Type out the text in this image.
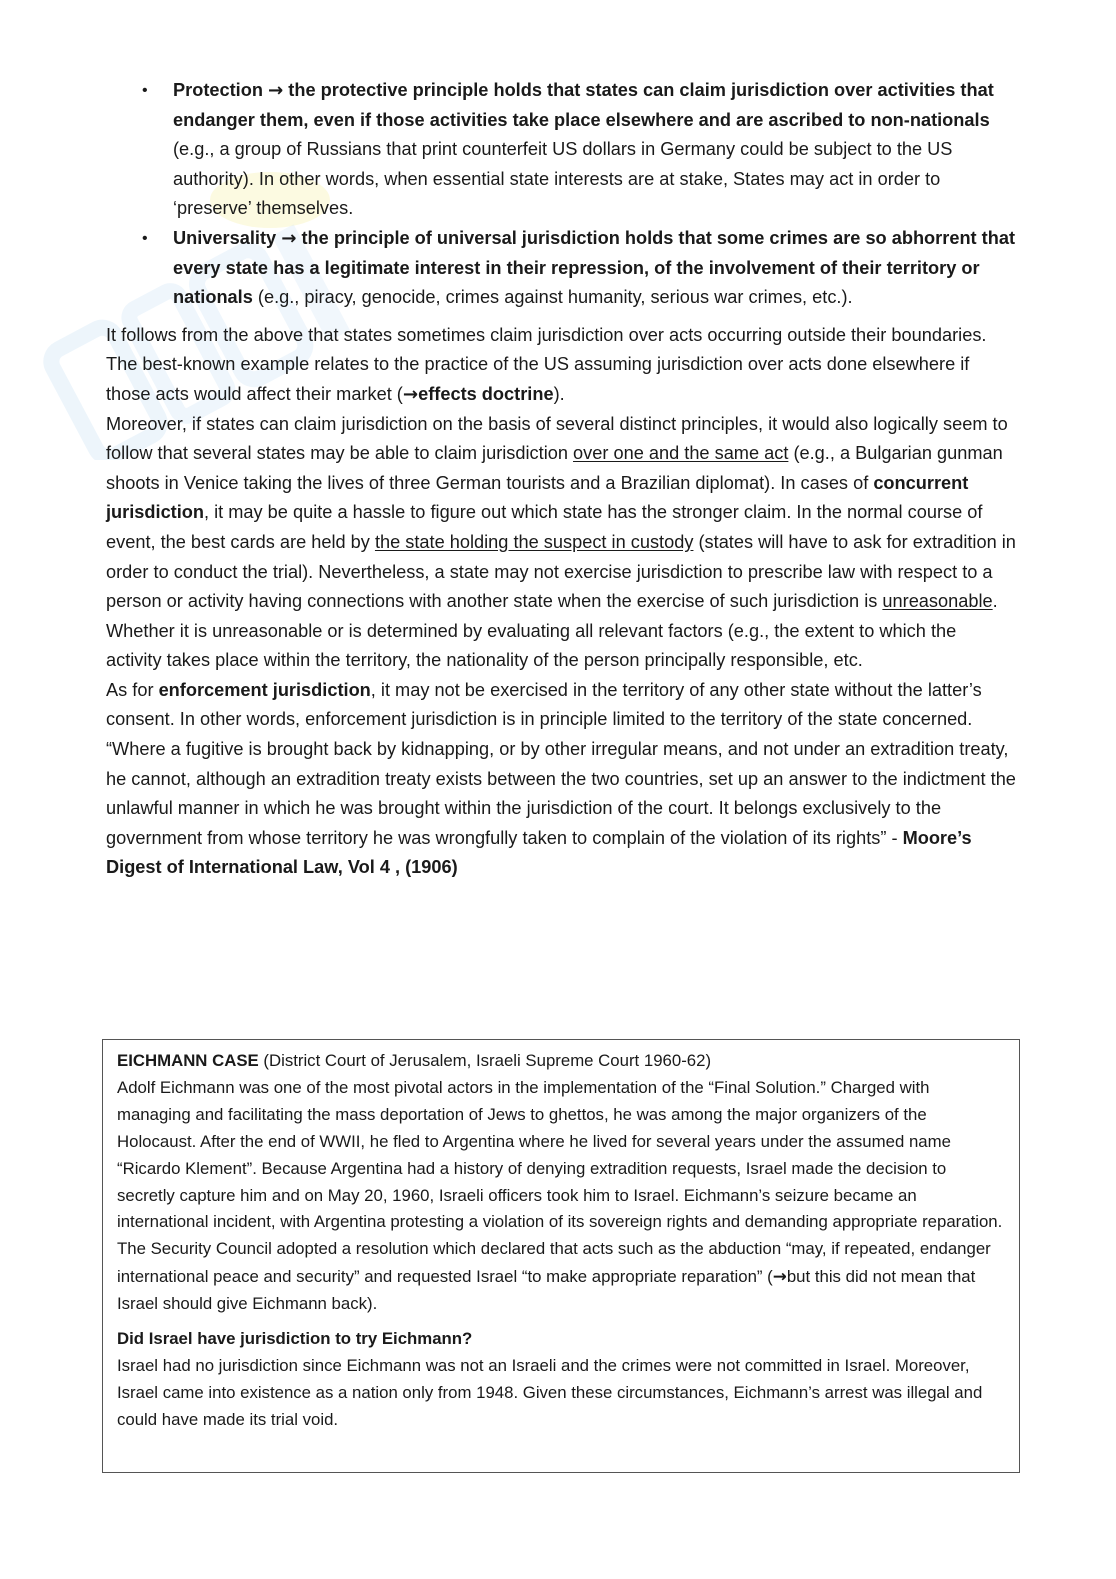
• Protection → the protective principle holds that states can claim jurisdiction over activities that endanger them, even if those activities take place elsewhere and are ascribed to non-nationals (e.g., a group of Russians that print counterfeit US dollars in Germany could be subject to the US authority). In other words, when essential state interests are at stake, States may act in order to ‘preserve’ themselves.
• Universality → the principle of universal jurisdiction holds that some crimes are so abhorrent that every state has a legitimate interest in their repression, of the involvement of their territory or nationals (e.g., piracy, genocide, crimes against humanity, serious war crimes, etc.).

It follows from the above that states sometimes claim jurisdiction over acts occurring outside their boundaries. The best-known example relates to the practice of the US assuming jurisdiction over acts done elsewhere if those acts would affect their market (→effects doctrine).

Moreover, if states can claim jurisdiction on the basis of several distinct principles, it would also logically seem to follow that several states may be able to claim jurisdiction over one and the same act (e.g., a Bulgarian gunman shoots in Venice taking the lives of three German tourists and a Brazilian diplomat). In cases of concurrent jurisdiction, it may be quite a hassle to figure out which state has the stronger claim. In the normal course of event, the best cards are held by the state holding the suspect in custody (states will have to ask for extradition in order to conduct the trial). Nevertheless, a state may not exercise jurisdiction to prescribe law with respect to a person or activity having connections with another state when the exercise of such jurisdiction is unreasonable. Whether it is unreasonable or is determined by evaluating all relevant factors (e.g., the extent to which the activity takes place within the territory, the nationality of the person principally responsible, etc.

As for enforcement jurisdiction, it may not be exercised in the territory of any other state without the latter’s consent. In other words, enforcement jurisdiction is in principle limited to the territory of the state concerned.

“Where a fugitive is brought back by kidnapping, or by other irregular means, and not under an extradition treaty, he cannot, although an extradition treaty exists between the two countries, set up an answer to the indictment the unlawful manner in which he was brought within the jurisdiction of the court. It belongs exclusively to the government from whose territory he was wrongfully taken to complain of the violation of its rights” - Moore’s Digest of International Law, Vol 4 , (1906)

EICHMANN CASE (District Court of Jerusalem, Israeli Supreme Court 1960-62)

Adolf Eichmann was one of the most pivotal actors in the implementation of the “Final Solution.” Charged with managing and facilitating the mass deportation of Jews to ghettos, he was among the major organizers of the Holocaust. After the end of WWII, he fled to Argentina where he lived for several years under the assumed name “Ricardo Klement”. Because Argentina had a history of denying extradition requests, Israel made the decision to secretly capture him and on May 20, 1960, Israeli officers took him to Israel. Eichmann’s seizure became an international incident, with Argentina protesting a violation of its sovereign rights and demanding appropriate reparation.

The Security Council adopted a resolution which declared that acts such as the abduction “may, if repeated, endanger international peace and security” and requested Israel “to make appropriate reparation” (→but this did not mean that Israel should give Eichmann back).

Did Israel have jurisdiction to try Eichmann?

Israel had no jurisdiction since Eichmann was not an Israeli and the crimes were not committed in Israel. Moreover, Israel came into existence as a nation only from 1948. Given these circumstances, Eichmann’s arrest was illegal and could have made its trial void.
